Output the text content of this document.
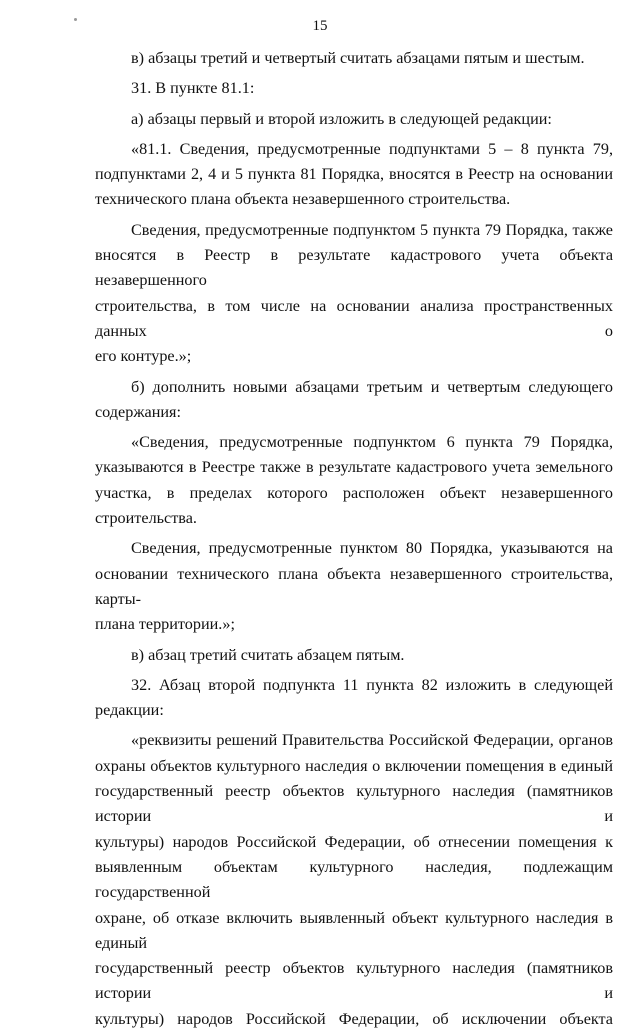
15

в) абзацы третий и четвертый считать абзацами пятым и шестым.

31. В пункте 81.1:

а) абзацы первый и второй изложить в следующей редакции:

«81.1. Сведения, предусмотренные подпунктами 5 – 8 пункта 79,
подпунктами 2, 4 и 5 пункта 81 Порядка, вносятся в Реестр на основании
технического плана объекта незавершенного строительства.

Сведения, предусмотренные подпунктом 5 пункта 79 Порядка, также
вносятся в Реестр в результате кадастрового учета объекта незавершенного
строительства, в том числе на основании анализа пространственных данных о
его контуре.»;

б) дополнить новыми абзацами третьим и четвертым следующего
содержания:

«Сведения, предусмотренные подпунктом 6 пункта 79 Порядка,
указываются в Реестре также в результате кадастрового учета земельного
участка, в пределах которого расположен объект незавершенного
строительства.

Сведения, предусмотренные пунктом 80 Порядка, указываются на
основании технического плана объекта незавершенного строительства, карты-
плана территории.»;

в) абзац третий считать абзацем пятым.

32. Абзац второй подпункта 11 пункта 82 изложить в следующей
редакции:

«реквизиты решений Правительства Российской Федерации, органов
охраны объектов культурного наследия о включении помещения в единый
государственный реестр объектов культурного наследия (памятников истории и
культуры) народов Российской Федерации, об отнесении помещения к
выявленным объектам культурного наследия, подлежащим государственной
охране, об отказе включить выявленный объект культурного наследия в единый
государственный реестр объектов культурного наследия (памятников истории и
культуры) народов Российской Федерации, об исключении объекта
